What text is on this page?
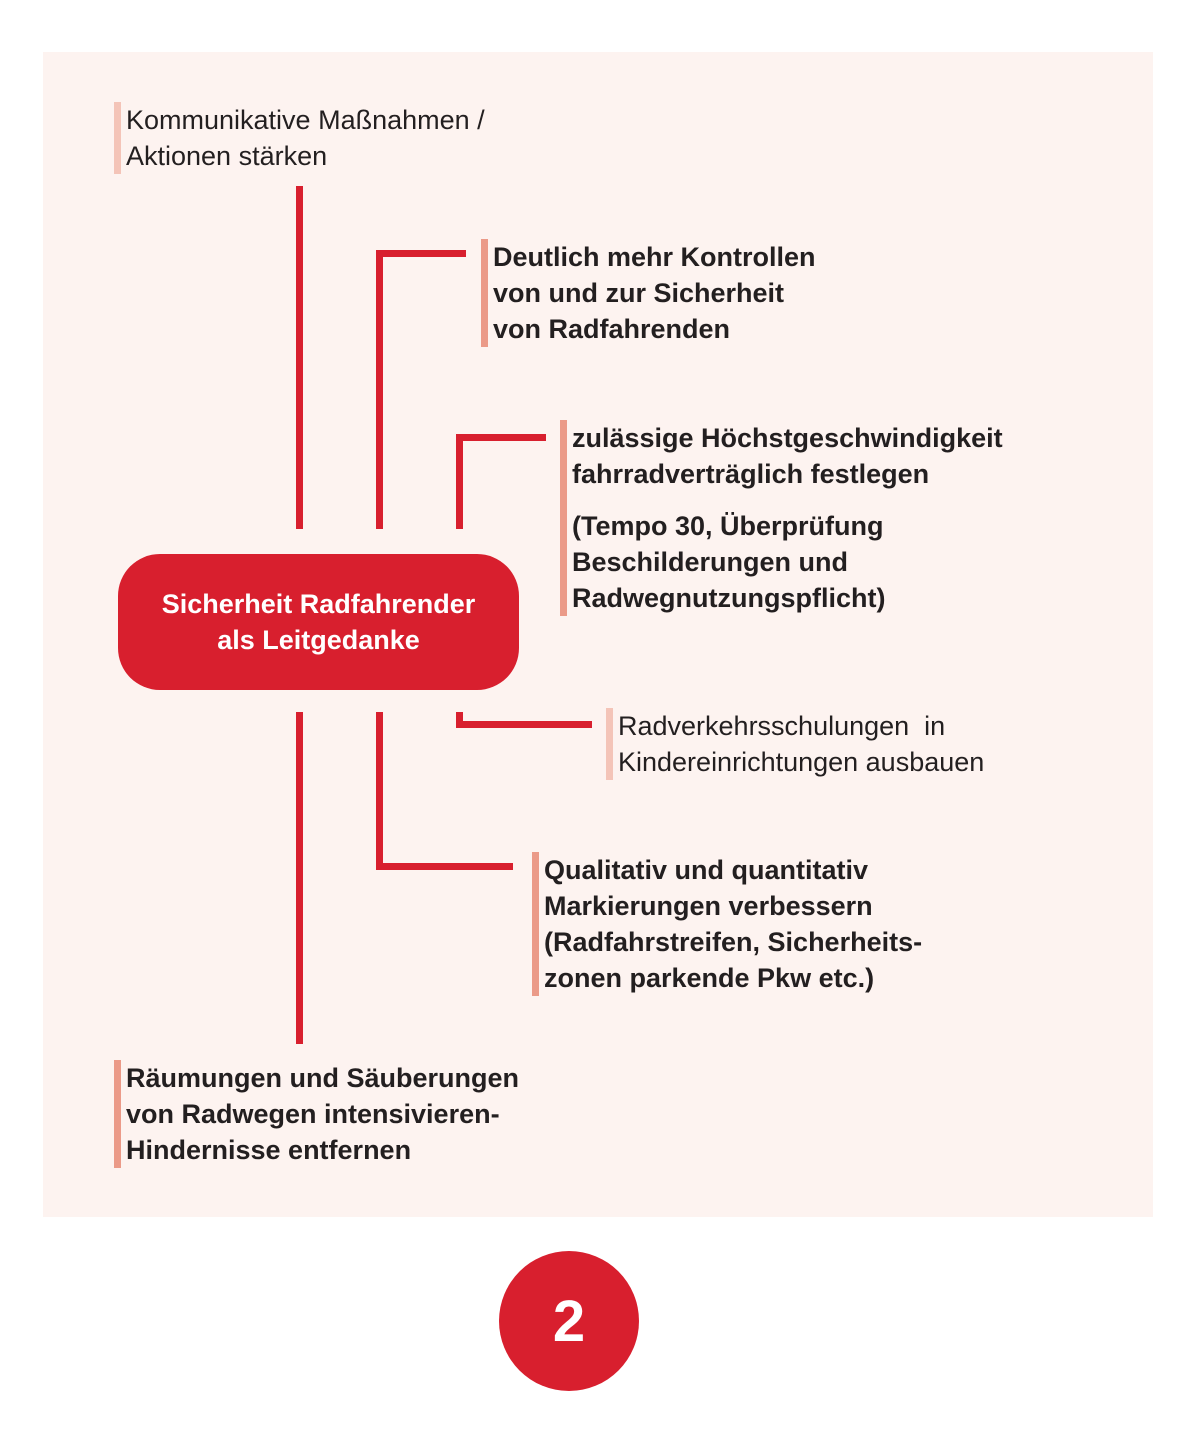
Sicherheit Radfahrender
als Leitgedanke
Kommunikative Maßnahmen /
Aktionen stärken
Deutlich mehr Kontrollen
von und zur Sicherheit
von Radfahrenden
zulässige Höchstgeschwindigkeit
fahrradverträglich festlegen
(Tempo 30, Überprüfung
Beschilderungen und
Radwegnutzungspflicht)
Radverkehrsschulungen  in
Kindereinrichtungen ausbauen
Qualitativ und quantitativ
Markierungen verbessern
(Radfahrstreifen, Sicherheits-
zonen parkende Pkw etc.)
Räumungen und Säuberungen
von Radwegen intensivieren-
Hindernisse entfernen
2
